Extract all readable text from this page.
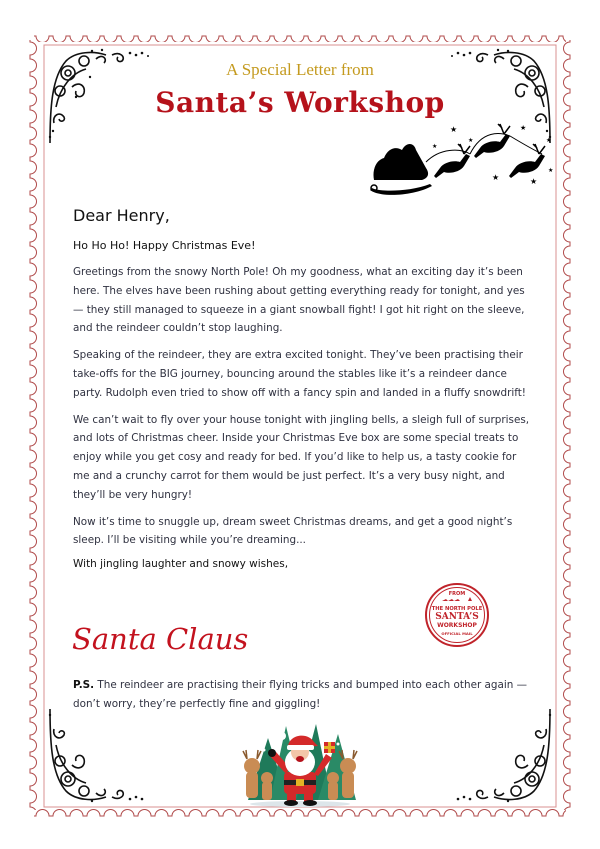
A Special Letter from
Santa’s Workshop
★
★
★
★
★
★
★
★

Dear Henry,

Ho Ho Ho! Happy Christmas Eve!

Greetings from the snowy North Pole! Oh my goodness, what an exciting day it’s been here. The elves have been rushing about getting everything ready for tonight, and yes — they still managed to squeeze in a giant snowball fight! I got hit right on the sleeve, and the reindeer couldn’t stop laughing.

Speaking of the reindeer, they are extra excited tonight. They’ve been practising their take-offs for the BIG journey, bouncing around the stables like it’s a reindeer dance party. Rudolph even tried to show off with a fancy spin and landed in a fluffy snowdrift!

We can’t wait to fly over your house tonight with jingling bells, a sleigh full of surprises, and lots of Christmas cheer. Inside your Christmas Eve box are some special treats to enjoy while you get cosy and ready for bed. If you’d like to help us, a tasty cookie for me and a crunchy carrot for them would be just perfect. It’s a very busy night, and they’ll be very hungry!

Now it’s time to snuggle up, dream sweet Christmas dreams, and get a good night’s sleep. I’ll be visiting while you’re dreaming...

With jingling laughter and snowy wishes,

Santa Claus
P.S. The reindeer are practising their flying tricks and bumped into each other again — don’t worry, they’re perfectly fine and giggling!
FROM
THE NORTH POLE
SANTA’S
WORKSHOP
OFFICIAL MAIL
